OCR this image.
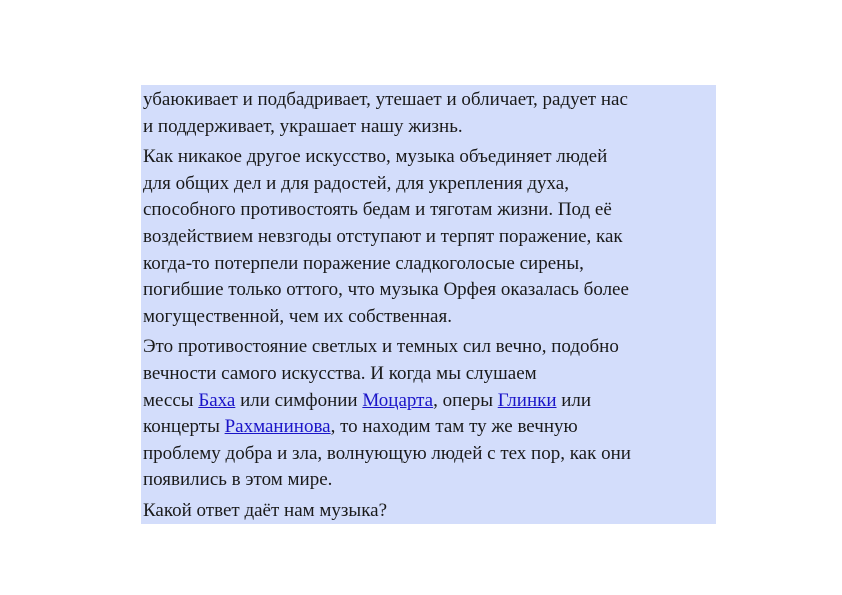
убаюкивает и подбадривает, утешает и обличает, радует нас
и поддерживает, украшает нашу жизнь.
Как никакое другое искусство, музыка объединяет людей
для общих дел и для радостей, для укрепления духа,
способного противостоять бедам и тяготам жизни. Под её
воздействием невзгоды отступают и терпят поражение, как
когда-то потерпели поражение сладкоголосые сирены,
погибшие только оттого, что музыка Орфея оказалась более
могущественной, чем их собственная.
Это противостояние светлых и темных сил вечно, подобно
вечности самого искусства. И когда мы слушаем
мессы Баха или симфонии Моцарта, оперы Глинки или
концерты Рахманинова, то находим там ту же вечную
проблему добра и зла, волнующую людей с тех пор, как они
появились в этом мире.
Какой ответ даёт нам музыка?
